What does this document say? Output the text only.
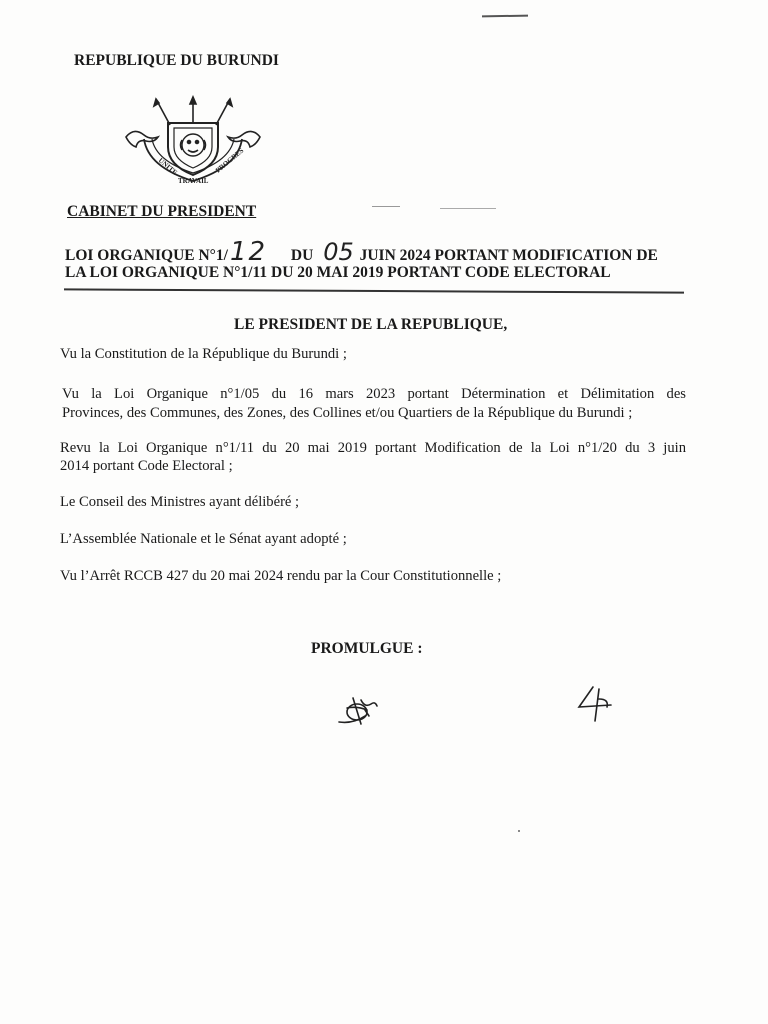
REPUBLIQUE DU BURUNDI
UNITE
TRAVAIL
PROGRES
CABINET DU PRESIDENT
LOI ORGANIQUE N°1/12 DU 05 JUIN 2024 PORTANT MODIFICATION DE
LA LOI ORGANIQUE N°1/11 DU 20 MAI 2019 PORTANT CODE ELECTORAL
LE PRESIDENT DE LA REPUBLIQUE,
Vu la Constitution de la République du Burundi ;
Vu la Loi Organique n°1/05 du 16 mars 2023 portant Détermination et Délimitation des
Provinces, des Communes, des Zones, des Collines et/ou Quartiers de la République du Burundi ;
Revu la Loi Organique n°1/11 du 20 mai 2019 portant Modification de la Loi n°1/20 du 3 juin
2014 portant Code Electoral ;
Le Conseil des Ministres ayant délibéré ;
L’Assemblée Nationale et le Sénat ayant adopté ;
Vu l’Arrêt RCCB 427 du 20 mai 2024 rendu par la Cour Constitutionnelle ;
PROMULGUE :
